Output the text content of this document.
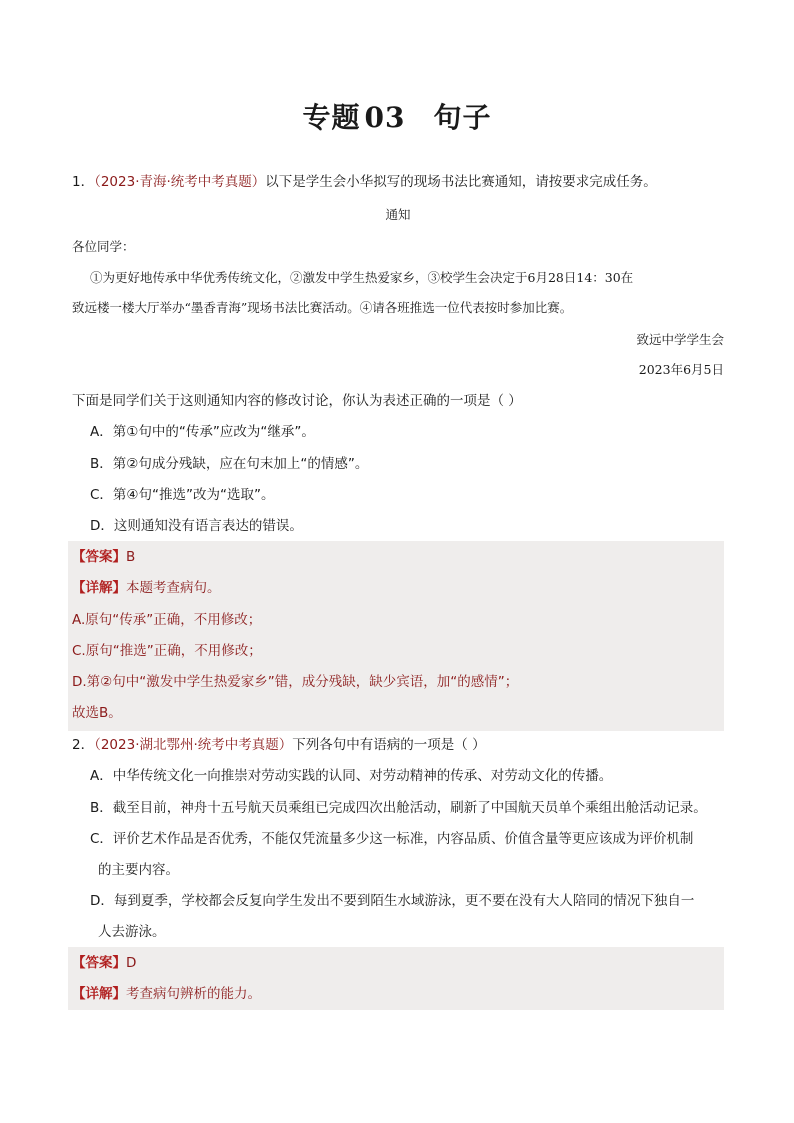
专题 03 句子
1．（2023·青海·统考中考真题）以下是学生会小华拟写的现场书法比赛通知，请按要求完成任务。
通知
各位同学：
①为更好地传承中华优秀传统文化，②激发中学生热爱家乡，③校学生会决定于6月28日14：30在
致远楼一楼大厅举办“墨香青海”现场书法比赛活动。④请各班推选一位代表按时参加比赛。
致远中学学生会
2023年6月5日
下面是同学们关于这则通知内容的修改讨论，你认为表述正确的一项是（ ）
A．第①句中的“传承”应改为“继承”。
B．第②句成分残缺，应在句末加上“的情感”。
C．第④句“推选”改为“选取”。
D．这则通知没有语言表达的错误。
【答案】B
【详解】本题考查病句。
A.原句“传承”正确，不用修改；
C.原句“推选”正确，不用修改；
D.第②句中“激发中学生热爱家乡”错，成分残缺，缺少宾语，加“的感情”；
故选B。
2．（2023·湖北鄂州·统考中考真题）下列各句中有语病的一项是（ ）
A．中华传统文化一向推崇对劳动实践的认同、对劳动精神的传承、对劳动文化的传播。
B．截至目前，神舟十五号航天员乘组已完成四次出舱活动，刷新了中国航天员单个乘组出舱活动记录。
C．评价艺术作品是否优秀，不能仅凭流量多少这一标准，内容品质、价值含量等更应该成为评价机制
的主要内容。
D．每到夏季，学校都会反复向学生发出不要到陌生水域游泳，更不要在没有大人陪同的情况下独自一
人去游泳。
【答案】D
【详解】考查病句辨析的能力。
